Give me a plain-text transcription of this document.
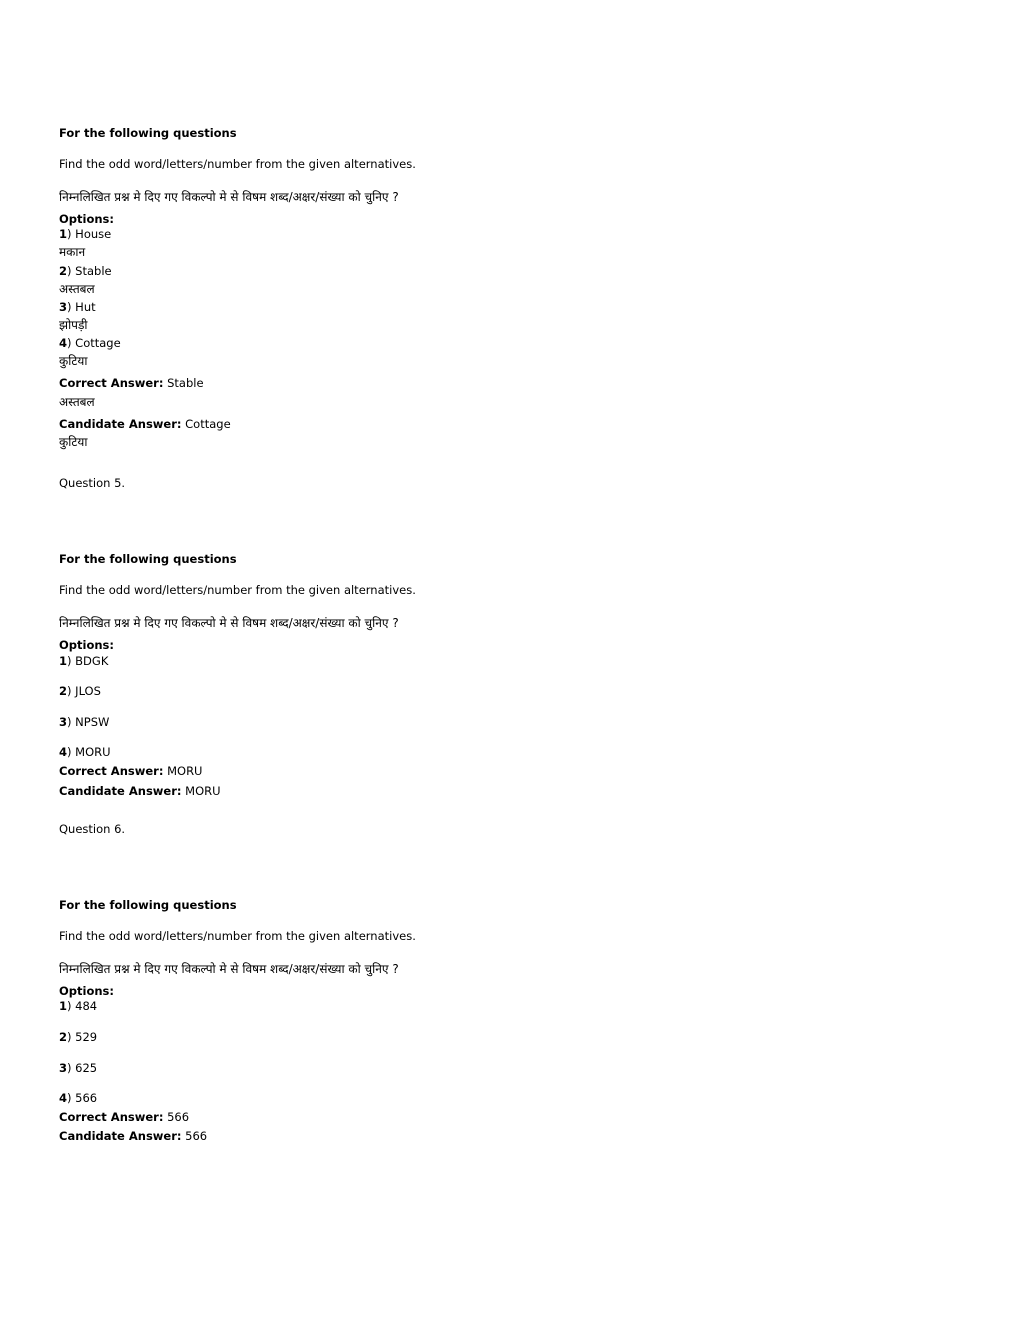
For the following questions
Find the odd word/letters/number from the given alternatives.
निम्नलिखित प्रश्न मे दिए गए विकल्पो मे से विषम शब्द/अक्षर/संख्या को चुनिए ?
Options:
1) House
मकान
2) Stable
अस्तबल
3) Hut
झोपड़ी
4) Cottage
कुटिया
Correct Answer: Stable
अस्तबल
Candidate Answer: Cottage
कुटिया
Question 5.
For the following questions
Find the odd word/letters/number from the given alternatives.
निम्नलिखित प्रश्न मे दिए गए विकल्पो मे से विषम शब्द/अक्षर/संख्या को चुनिए ?
Options:
1) BDGK
2) JLOS
3) NPSW
4) MORU
Correct Answer: MORU
Candidate Answer: MORU
Question 6.
For the following questions
Find the odd word/letters/number from the given alternatives.
निम्नलिखित प्रश्न मे दिए गए विकल्पो मे से विषम शब्द/अक्षर/संख्या को चुनिए ?
Options:
1) 484
2) 529
3) 625
4) 566
Correct Answer: 566
Candidate Answer: 566
